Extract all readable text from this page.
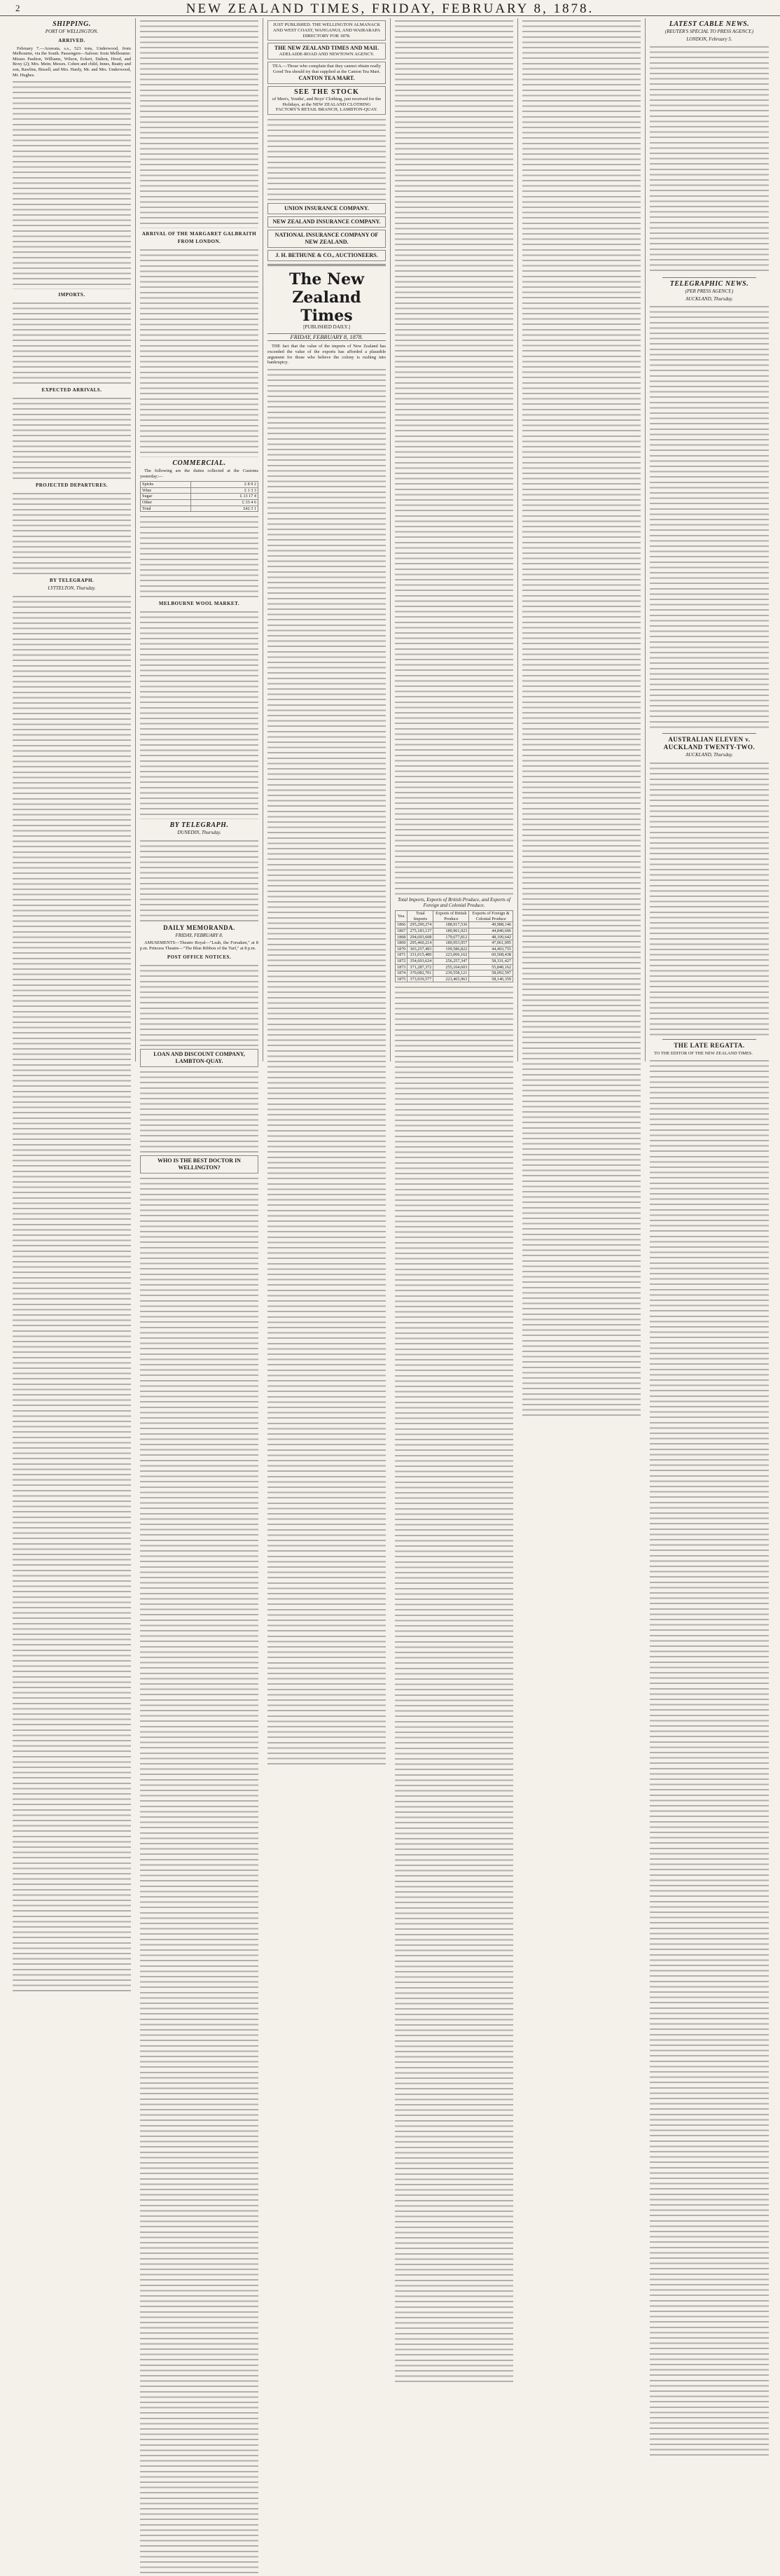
2	NEW ZEALAND TIMES, FRIDAY, FEBRUARY 8, 1878.
SHIPPING.
PORT OF WELLINGTON.
ARRIVED.

February 7.—Arawata, s.s., 523 tons, Underwood, from Melbourne, via the South. Passengers—Saloon: from Melbourne: Misses Paulton, Williams, Wilson, Eckert, Dalton, Hood, and Boxy (2); Mrs. Mein; Messrs. Cohen and child, Innes, Beatty and son, Rawlins, Bissell, and Mrs. Hardy, Mr. and Mrs. Underwood, Mr. Hughes.

IMPORTS.
EXPECTED ARRIVALS.
PROJECTED DEPARTURES.
BY TELEGRAPH.
LYTTELTON, Thursday.
ARRIVAL OF THE MARGARET GALBRAITH FROM LONDON.
COMMERCIAL.

The following are the duties collected at the Customs yesterday:—

Spirits	£ 8 9 2
Wine	£ 1 3 3
Sugar	£ 13 17 4
Other	£ 33 4 6
Total	£42 3 1
MELBOURNE WOOL MARKET.
BY TELEGRAPH.
DUNEDIN, Thursday.
DAILY MEMORANDA.
FRIDAY, FEBRUARY 8.

AMUSEMENTS—Theatre Royal—"Leah, the Forsaken," at 8 p.m. Princess Theatre—"The Blue Ribbon of the Turf," at 8 p.m.

POST OFFICE NOTICES.
LOAN AND DISCOUNT COMPANY, LAMBTON-QUAY.
WHO IS THE BEST DOCTOR IN WELLINGTON?
JUST PUBLISHED. THE WELLINGTON ALMANACK AND WEST COAST, WANGANUI, AND WAIRARAPA DIRECTORY FOR 1878.
THE NEW ZEALAND TIMES AND MAIL
ADELAIDE-ROAD AND NEWTOWN AGENCY.
TEA.—Those who complain that they cannot obtain really Good Tea should try that supplied at the Canton Tea Mart.
CANTON TEA MART.
SEE THE STOCK
of Men's, Youths', and Boys' Clothing, just received for the Holidays, at the NEW ZEALAND CLOTHING FACTORY'S RETAIL BRANCH, LAMBTON-QUAY.
UNION INSURANCE COMPANY.
NEW ZEALAND INSURANCE COMPANY.
NATIONAL INSURANCE COMPANY OF NEW ZEALAND.
J. H. BETHUNE & CO., AUCTIONEERS.
The New Zealand Times
[PUBLISHED DAILY.]
FRIDAY, FEBRUARY 8, 1878.

THE fact that the value of the imports of New Zealand has exceeded the value of the exports has afforded a plausible argument for those who believe the colony is rushing into bankruptcy.

Total Imports, Exports of British Produce, and Exports of Foreign and Colonial Produce.
Yea.	Total Imports	Exports of British Produce	Exports of Foreign & Colonial Produce
1866	295,290,274	188,917,536	49,988,146
1867	275,183,137	180,961,923	44,840,606
1868	294,693,608	179,677,812	48,100,642
1869	295,460,214	189,953,957	47,061,095
1870	303,257,493	199,586,822	44,493,755
1871	331,015,480	223,066,162	60,508,438
1872	354,693,624	256,257,347	58,331,427
1873	371,287,372	255,164,603	55,840,162
1874	370,082,701	239,558,121	58,092,597
1875	373,939,577	223,465,963	58,146,359
LATEST CABLE NEWS.
(REUTER'S SPECIAL TO PRESS AGENCY.)
LONDON, February 5.
TELEGRAPHIC NEWS.
(PER PRESS AGENCY.)
AUCKLAND, Thursday.
AUSTRALIAN ELEVEN v. AUCKLAND TWENTY-TWO.
AUCKLAND, Thursday.
THE LATE REGATTA.

TO THE EDITOR OF THE NEW ZEALAND TIMES.
